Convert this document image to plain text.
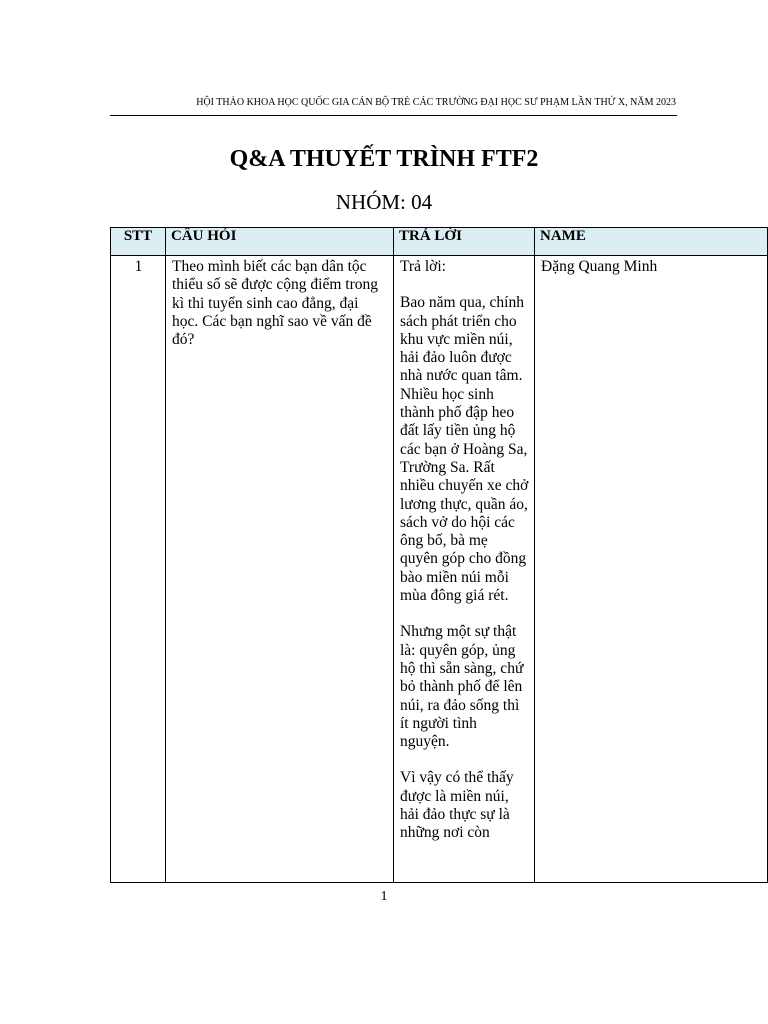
HỘI THẢO KHOA HỌC QUỐC GIA CÁN BỘ TRẺ CÁC TRƯỜNG ĐẠI HỌC SƯ PHẠM LẦN THỨ X, NĂM 2023
Q&A THUYẾT TRÌNH FTF2
NHÓM: 04
STT	CÂU HỎI	TRẢ LỜI	NAME
1	Theo mình biết các bạn dân tộc thiểu số sẽ được cộng điểm trong kì thi tuyển sinh cao đẳng, đại học. Các bạn nghĩ sao về vấn đề đó?	Trả lời:

Bao năm qua, chính sách phát triển cho khu vực miền núi, hải đảo luôn được nhà nước quan tâm. Nhiều học sinh thành phố đập heo đất lấy tiền ủng hộ các bạn ở Hoàng Sa, Trường Sa. Rất nhiều chuyến xe chở lương thực, quần áo, sách vở do hội các ông bố, bà mẹ quyên góp cho đồng bào miền núi mỗi mùa đông giá rét.

Nhưng một sự thật là: quyên góp, ủng hộ thì sẵn sàng, chứ bỏ thành phố để lên núi, ra đảo sống thì ít người tình nguyện.

Vì vậy có thể thấy được là miền núi, hải đảo thực sự là những nơi còn	Đặng Quang Minh
1
